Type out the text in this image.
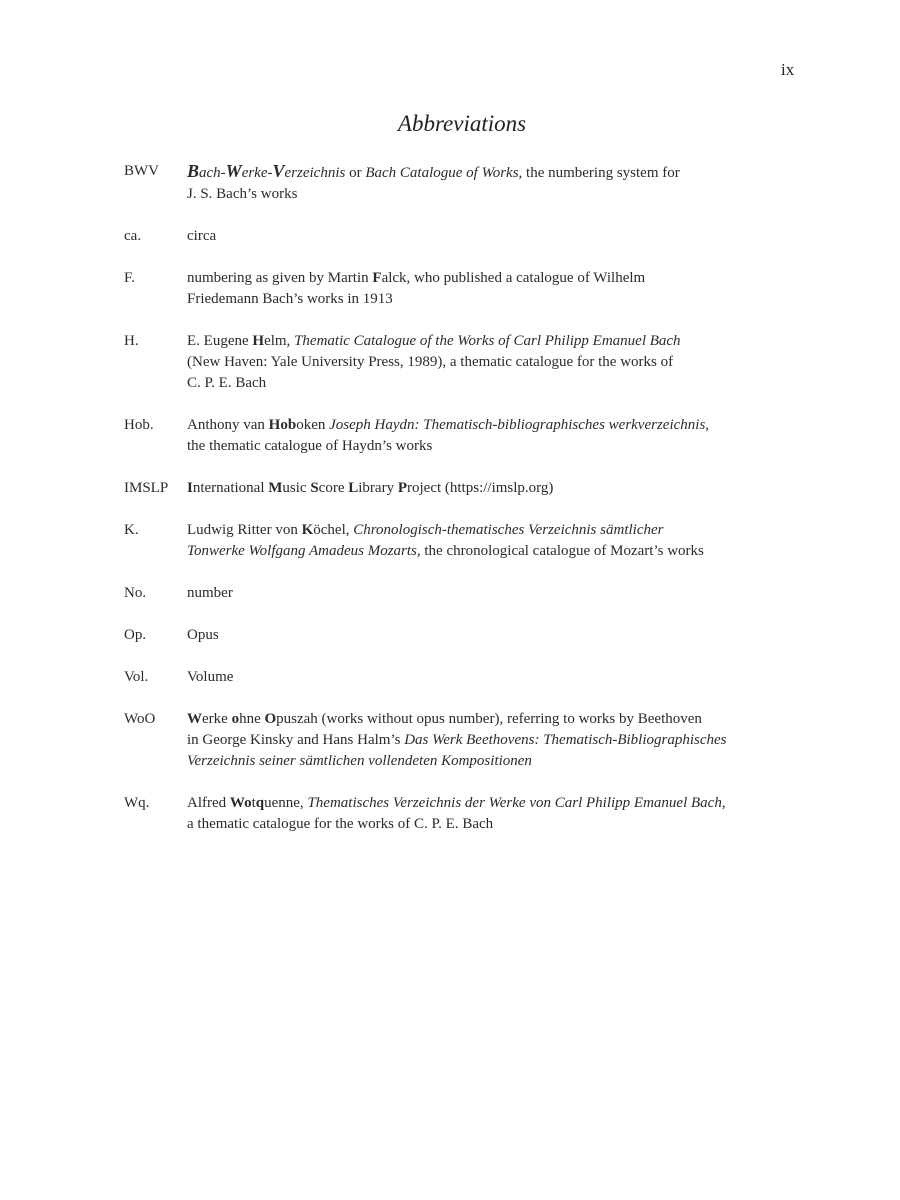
ix
Abbreviations
BWV	Bach-Werke-Verzeichnis or Bach Catalogue of Works, the numbering system for
J. S. Bach’s works
ca.	circa
F.	numbering as given by Martin Falck, who published a catalogue of Wilhelm
Friedemann Bach’s works in 1913
H.	E. Eugene Helm, Thematic Catalogue of the Works of Carl Philipp Emanuel Bach
(New Haven: Yale University Press, 1989), a thematic catalogue for the works of
C. P. E. Bach
Hob.	Anthony van Hoboken Joseph Haydn: Thematisch-bibliographisches werkverzeichnis,
the thematic catalogue of Haydn’s works
IMSLP	International Music Score Library Project (https://imslp.org)
K.	Ludwig Ritter von Köchel, Chronologisch-thematisches Verzeichnis sämtlicher
Tonwerke Wolfgang Amadeus Mozarts, the chronological catalogue of Mozart’s works
No.	number
Op.	Opus
Vol.	Volume
WoO	Werke ohne Opuszah (works without opus number), referring to works by Beethoven
in George Kinsky and Hans Halm’s Das Werk Beethovens: Thematisch-Bibliographisches
Verzeichnis seiner sämtlichen vollendeten Kompositionen
Wq.	Alfred Wotquenne, Thematisches Verzeichnis der Werke von Carl Philipp Emanuel Bach,
a thematic catalogue for the works of C. P. E. Bach
